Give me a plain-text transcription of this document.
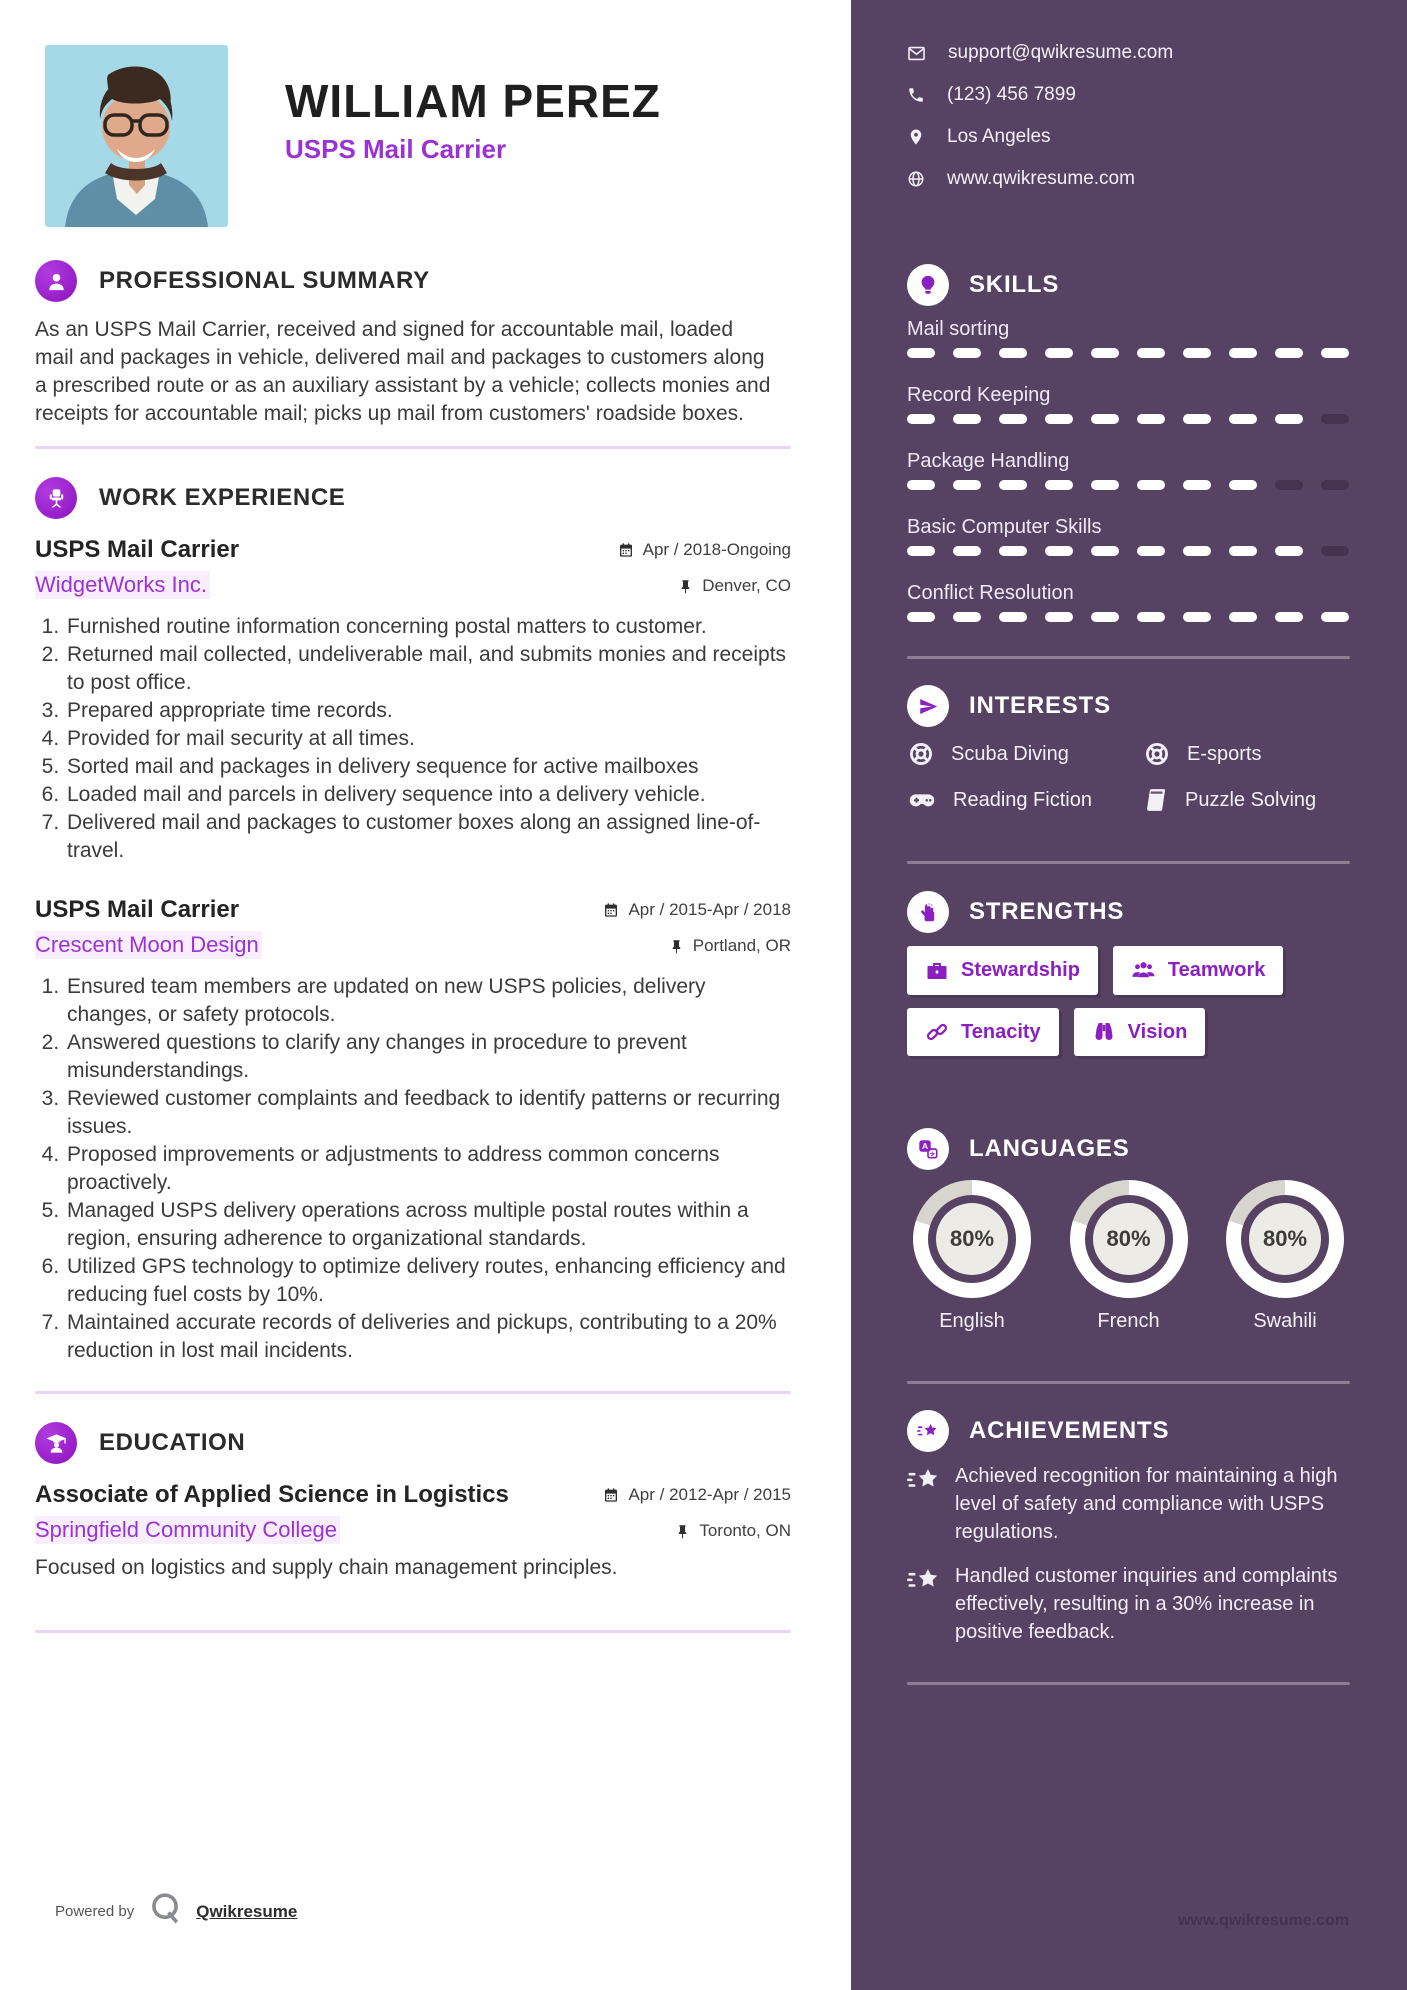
WILLIAM PEREZ
USPS Mail Carrier
PROFESSIONAL SUMMARY
As an USPS Mail Carrier, received and signed for accountable mail, loaded mail and packages in vehicle, delivered mail and packages to customers along a prescribed route or as an auxiliary assistant by a vehicle; collects monies and receipts for accountable mail; picks up mail from customers' roadside boxes.
WORK EXPERIENCE
USPS Mail Carrier	Apr / 2018-Ongoing
WidgetWorks Inc.	Denver, CO
1. Furnished routine information concerning postal matters to customer.
2. Returned mail collected, undeliverable mail, and submits monies and receipts to post office.
3. Prepared appropriate time records.
4. Provided for mail security at all times.
5. Sorted mail and packages in delivery sequence for active mailboxes
6. Loaded mail and parcels in delivery sequence into a delivery vehicle.
7. Delivered mail and packages to customer boxes along an assigned line-of-travel.
USPS Mail Carrier	Apr / 2015-Apr / 2018
Crescent Moon Design	Portland, OR
1. Ensured team members are updated on new USPS policies, delivery changes, or safety protocols.
2. Answered questions to clarify any changes in procedure to prevent misunderstandings.
3. Reviewed customer complaints and feedback to identify patterns or recurring issues.
4. Proposed improvements or adjustments to address common concerns proactively.
5. Managed USPS delivery operations across multiple postal routes within a region, ensuring adherence to organizational standards.
6. Utilized GPS technology to optimize delivery routes, enhancing efficiency and reducing fuel costs by 10%.
7. Maintained accurate records of deliveries and pickups, contributing to a 20% reduction in lost mail incidents.
EDUCATION
Associate of Applied Science in Logistics	Apr / 2012-Apr / 2015
Springfield Community College	Toronto, ON
Focused on logistics and supply chain management principles.
Powered by	Qwikresume
support@qwikresume.com
(123) 456 7899
Los Angeles
www.qwikresume.com
SKILLS
Mail sorting
Record Keeping
Package Handling
Basic Computer Skills
Conflict Resolution
INTERESTS
Scuba Diving	E-sports
Reading Fiction	Puzzle Solving
STRENGTHS
Stewardship	Teamwork
Tenacity	Vision
A LANGUAGES
80%
English
80%
French
80%
Swahili
ACHIEVEMENTS
Achieved recognition for maintaining a high level of safety and compliance with USPS regulations.
Handled customer inquiries and complaints effectively, resulting in a 30% increase in positive feedback.
www.qwikresume.com
